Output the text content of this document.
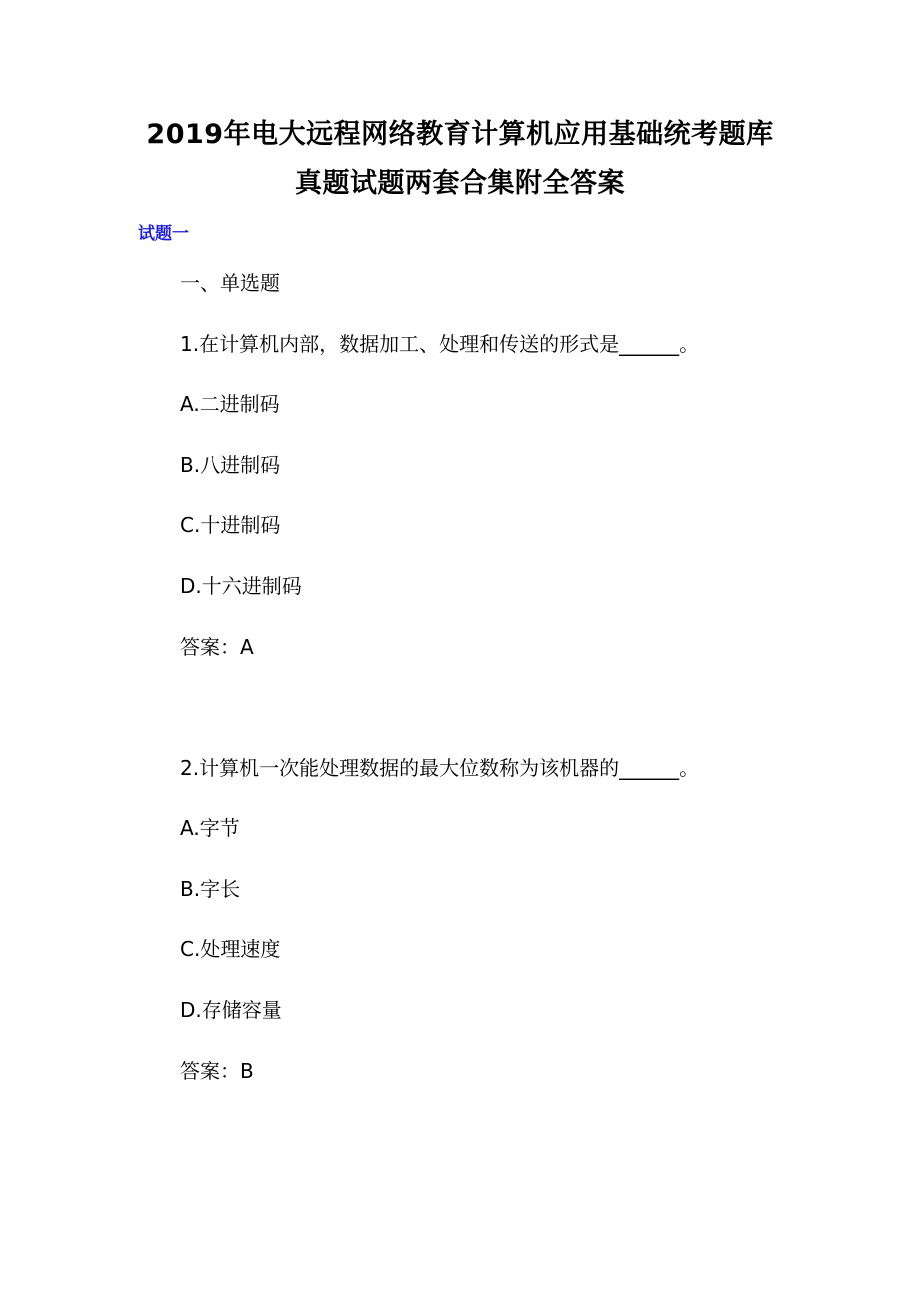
2019年电大远程网络教育计算机应用基础统考题库
真题试题两套合集附全答案
试题一
一、单选题
1.在计算机内部，数据加工、处理和传送的形式是______。
A.二进制码
B.八进制码
C.十进制码
D.十六进制码
答案：A
2.计算机一次能处理数据的最大位数称为该机器的______。
A.字节
B.字长
C.处理速度
D.存储容量
答案：B
